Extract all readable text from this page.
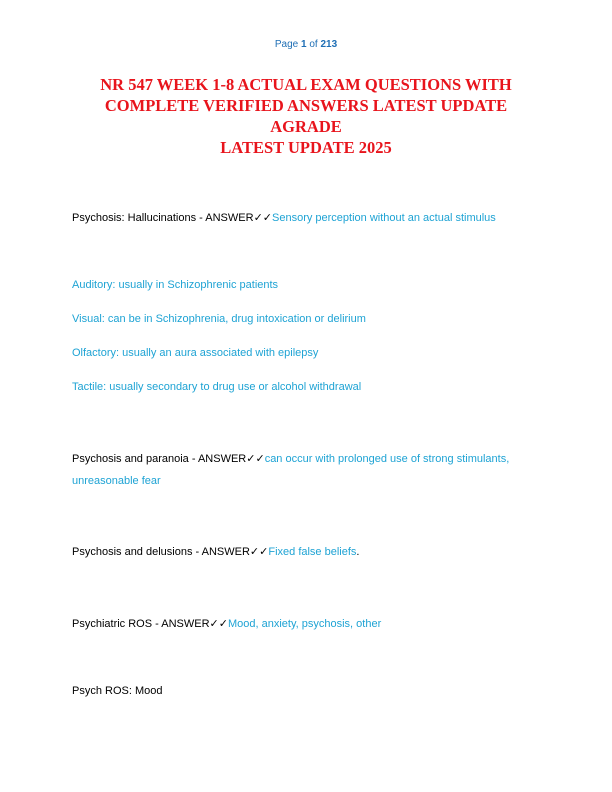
Page 1 of 213
NR 547 WEEK 1-8 ACTUAL EXAM QUESTIONS WITH
COMPLETE VERIFIED ANSWERS LATEST UPDATE AGRADE
LATEST UPDATE 2025
Psychosis: Hallucinations - ANSWER✓✓Sensory perception without an actual stimulus
Auditory: usually in Schizophrenic patients
Visual: can be in Schizophrenia, drug intoxication or delirium
Olfactory: usually an aura associated with epilepsy
Tactile: usually secondary to drug use or alcohol withdrawal
Psychosis and paranoia - ANSWER✓✓can occur with prolonged use of strong stimulants,
unreasonable fear
Psychosis and delusions - ANSWER✓✓Fixed false beliefs.
Psychiatric ROS - ANSWER✓✓Mood, anxiety, psychosis, other
Psych ROS: Mood
